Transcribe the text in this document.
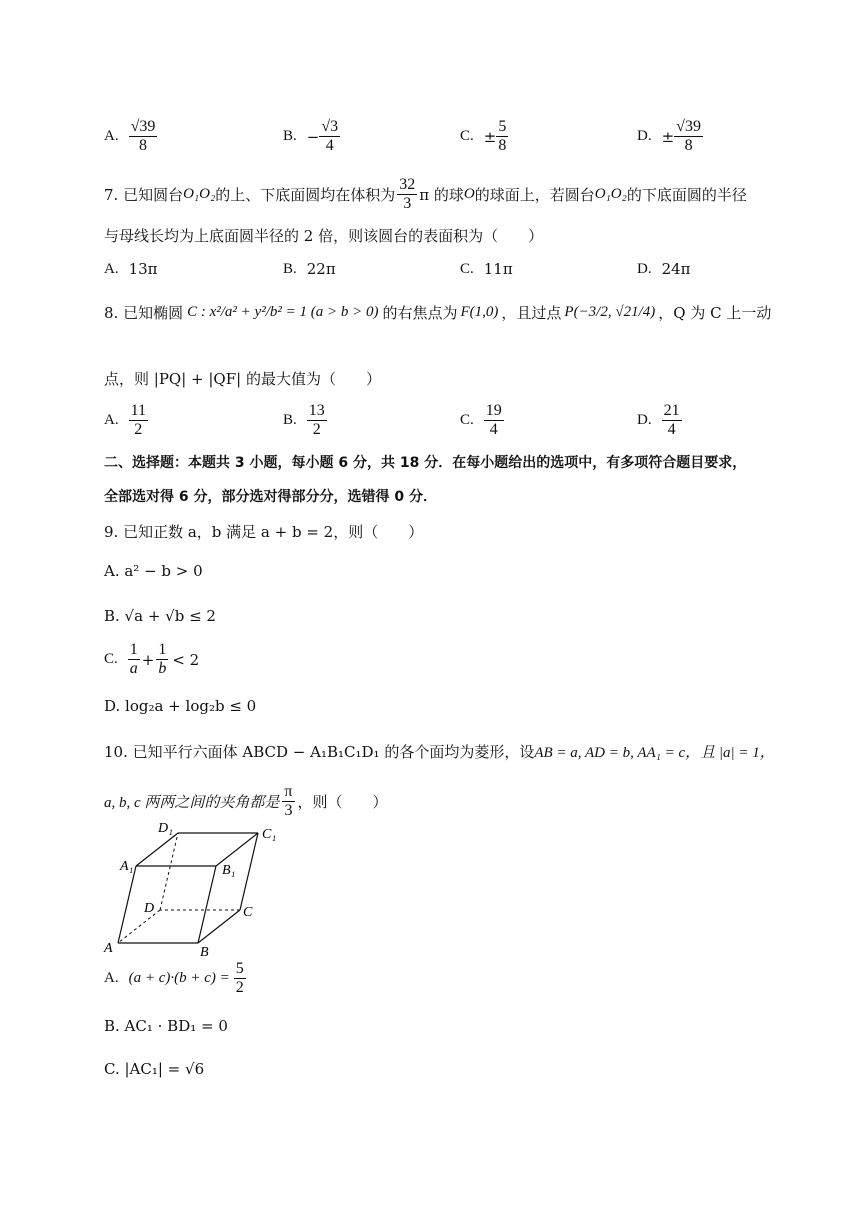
A. $\frac{√39}{8}$	B. − $\frac{√3}{4}$	C. ± $\frac{5}{8}$	D. ± $\frac{√39}{8}$
7. 已知圆台 O₁O₂ 的上、下底面圆均在体积为 $\frac{32}{3}$ π 的球 O 的球面上，若圆台 O₁O₂ 的下底面圆的半径
与母线长均为上底面圆半径的 2 倍，则该圆台的表面积为（　　）
A. 13π	B. 22π	C. 11π	D. 24π
8. 已知椭圆 C : x²/a² + y²/b² = 1 (a > b > 0) 的右焦点为 F(1,0) ，且过点 P(−3/2, √21/4) ，Q 为 C 上一动
点，则 |PQ| + |QF| 的最大值为（　　）
A. $\frac{11}{2}$	B. $\frac{13}{2}$	C. $\frac{19}{4}$	D. $\frac{21}{4}$
二、选择题：本题共 3 小题，每小题 6 分，共 18 分．在每小题给出的选项中，有多项符合题目要求，
全部选对得 6 分，部分选对得部分分，选错得 0 分．
9. 已知正数 a，b 满足 a + b = 2，则（　　）
A. a² − b > 0
B. √a + √b ≤ 2
C. $\frac{1}{a} + \frac{1}{b} < 2$
D. log₂a + log₂b ≤ 0
10. 已知平行六面体 ABCD − A₁B₁C₁D₁ 的各个面均为菱形，设AB = a, AD = b, AA₁ = c，且 |a| = 1，
a, b, c 两两之间的夹角都是 $\frac{\pi}{3}$ ，则（　　）
A	B
C
D
A₁	B₁
C₁
D₁
A. $(a + c)\cdot(b + c) = \frac{5}{2}$
B. AC₁ · BD₁ = 0
C. |AC₁| = √6
